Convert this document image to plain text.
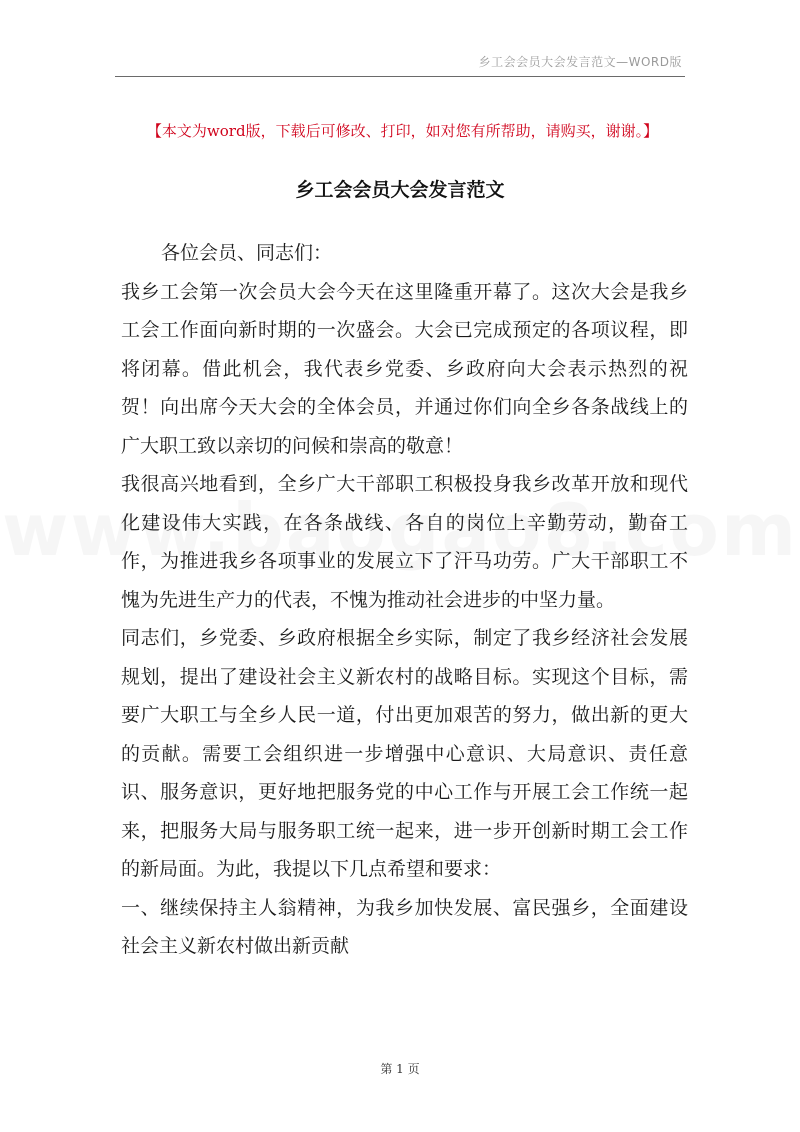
乡工会会员大会发言范文—WORD版
【本文为word版，下载后可修改、打印，如对您有所帮助，请购买，谢谢。】
乡工会会员大会发言范文

各位会员、同志们：

我乡工会第一次会员大会今天在这里隆重开幕了。这次大会是我乡工会工作面向新时期的一次盛会。大会已完成预定的各项议程，即将闭幕。借此机会，我代表乡党委、乡政府向大会表示热烈的祝贺！向出席今天大会的全体会员，并通过你们向全乡各条战线上的广大职工致以亲切的问候和崇高的敬意！

我很高兴地看到，全乡广大干部职工积极投身我乡改革开放和现代化建设伟大实践，在各条战线、各自的岗位上辛勤劳动，勤奋工作，为推进我乡各项事业的发展立下了汗马功劳。广大干部职工不愧为先进生产力的代表，不愧为推动社会进步的中坚力量。

同志们，乡党委、乡政府根据全乡实际，制定了我乡经济社会发展规划，提出了建设社会主义新农村的战略目标。实现这个目标，需要广大职工与全乡人民一道，付出更加艰苦的努力，做出新的更大的贡献。需要工会组织进一步增强中心意识、大局意识、责任意识、服务意识，更好地把服务党的中心工作与开展工会工作统一起来，把服务大局与服务职工统一起来，进一步开创新时期工会工作的新局面。为此，我提以下几点希望和要求：

一、继续保持主人翁精神，为我乡加快发展、富民强乡，全面建设社会主义新农村做出新贡献

第 1 页
